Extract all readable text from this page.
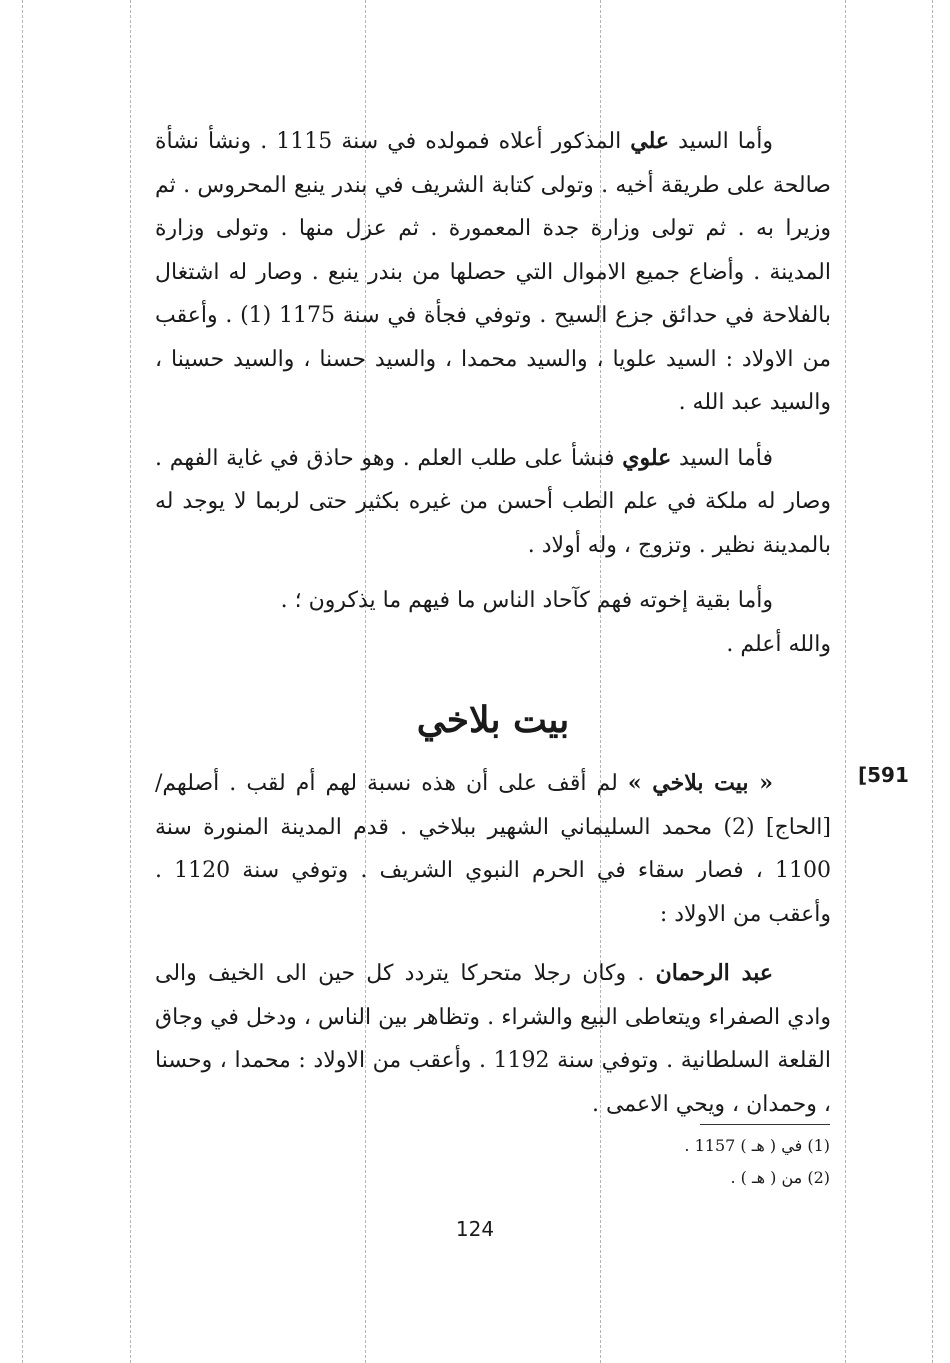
وأما السيد علي المذكور أعلاه فمولده في سنة 1115 . ونشأ نشأة صالحة على طريقة أخيه . وتولى كتابة الشريف في بندر ينبع المحروس . ثم وزيرا به . ثم تولى وزارة جدة المعمورة . ثم عزل منها . وتولى وزارة المدينة . وأضاع جميع الاموال التي حصلها من بندر ينبع . وصار له اشتغال بالفلاحة في حدائق جزع السيح . وتوفي فجأة في سنة 1175 (1) . وأعقب من الاولاد : السيد علويا ، والسيد محمدا ، والسيد حسنا ، والسيد حسينا ، والسيد عبد الله .

فأما السيد علوي فنشأ على طلب العلم . وهو حاذق في غاية الفهم . وصار له ملكة في علم الطب أحسن من غيره بكثير حتى لربما لا يوجد له بالمدينة نظير . وتزوج ، وله أولاد .

وأما بقية إخوته فهم كآحاد الناس ما فيهم ما يذكرون ؛ .

والله أعلم .

بيت بلاخي

« بيت بلاخي » لم أقف على أن هذه نسبة لهم أم لقب . أصلهم/ [الحاج] (2) محمد السليماني الشهير ببلاخي . قدم المدينة المنورة سنة 1100 ، فصار سقاء في الحرم النبوي الشريف . وتوفي سنة 1120 . وأعقب من الاولاد :

عبد الرحمان . وكان رجلا متحركا يتردد كل حين الى الخيف والى وادي الصفراء ويتعاطى البيع والشراء . وتظاهر بين الناس ، ودخل في وجاق القلعة السلطانية . وتوفي سنة 1192 . وأعقب من الاولاد : محمدا ، وحسنا ، وحمدان ، ويحي الاعمى .

[591

(1) في ( هـ ) 1157 .

(2) من ( هـ ) .

124
